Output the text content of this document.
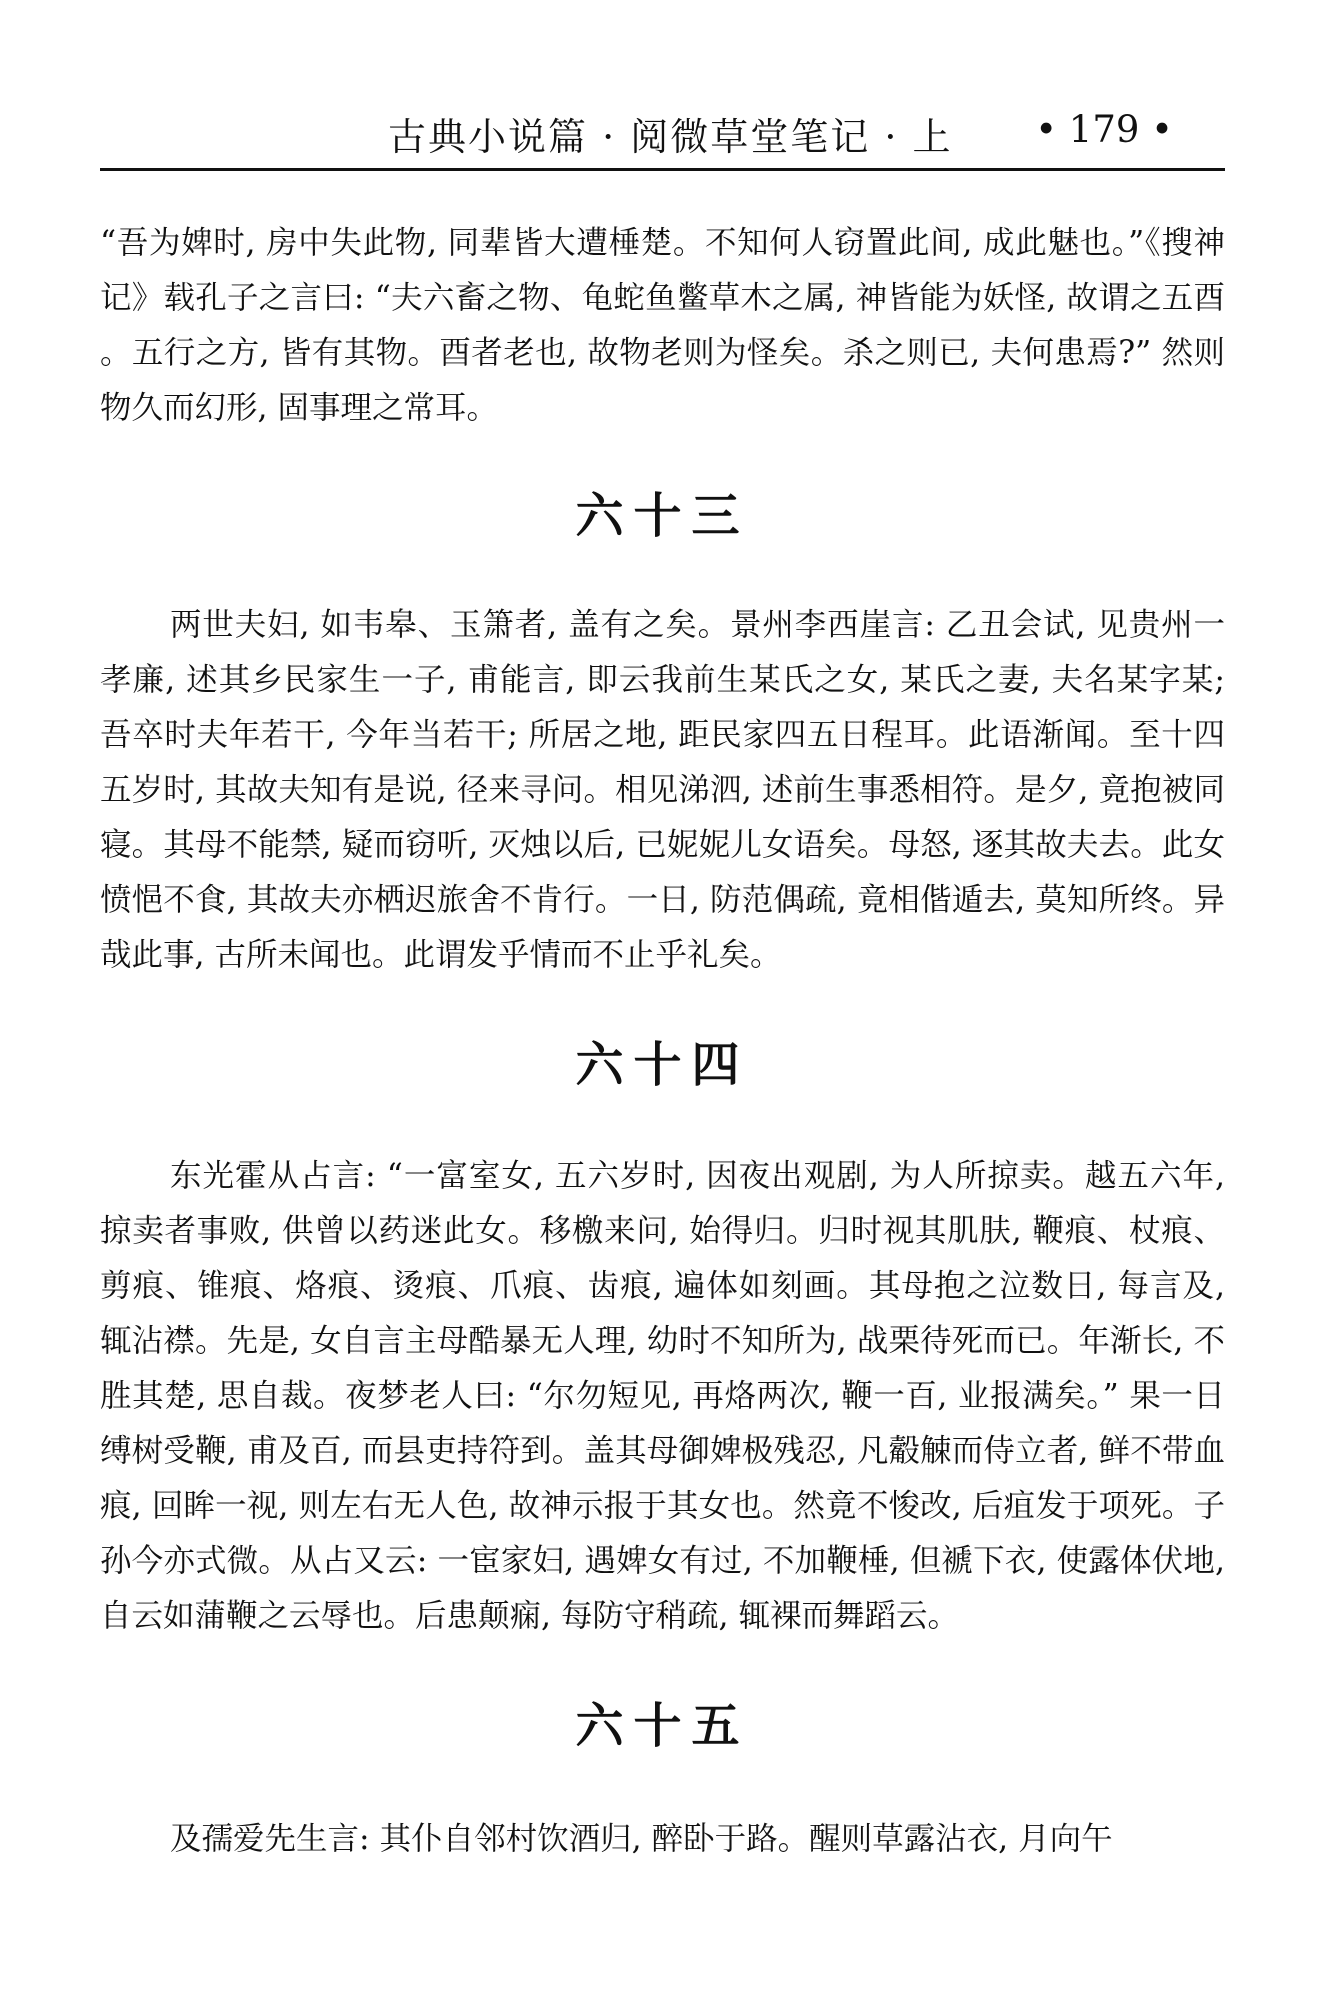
古典小说篇 · 阅微草堂笔记 · 上 • 179 •

“吾为婢时, 房中失此物, 同辈皆大遭棰楚。不知何人窃置此间, 成此魅也。”《搜神记》载孔子之言曰: “夫六畜之物、龟蛇鱼鳖草木之属, 神皆能为妖怪, 故谓之五酉。五行之方, 皆有其物。酉者老也, 故物老则为怪矣。杀之则已, 夫何患焉?” 然则物久而幻形, 固事理之常耳。

六十三

两世夫妇, 如韦皋、玉箫者, 盖有之矣。景州李西崖言: 乙丑会试, 见贵州一孝廉, 述其乡民家生一子, 甫能言, 即云我前生某氏之女, 某氏之妻, 夫名某字某; 吾卒时夫年若干, 今年当若干; 所居之地, 距民家四五日程耳。此语渐闻。至十四五岁时, 其故夫知有是说, 径来寻问。相见涕泗, 述前生事悉相符。是夕, 竟抱被同寝。其母不能禁, 疑而窃听, 灭烛以后, 已妮妮儿女语矣。母怒, 逐其故夫去。此女愤悒不食, 其故夫亦栖迟旅舍不肯行。一日, 防范偶疏, 竟相偕遁去, 莫知所终。异哉此事, 古所未闻也。此谓发乎情而不止乎礼矣。

六十四

东光霍从占言: “一富室女, 五六岁时, 因夜出观剧, 为人所掠卖。越五六年, 掠卖者事败, 供曾以药迷此女。移檄来问, 始得归。归时视其肌肤, 鞭痕、杖痕、剪痕、锥痕、烙痕、烫痕、爪痕、齿痕, 遍体如刻画。其母抱之泣数日, 每言及, 辄沾襟。先是, 女自言主母酷暴无人理, 幼时不知所为, 战栗待死而已。年渐长, 不胜其楚, 思自裁。夜梦老人曰: “尔勿短见, 再烙两次, 鞭一百, 业报满矣。” 果一日缚树受鞭, 甫及百, 而县吏持符到。盖其母御婢极残忍, 凡觳觫而侍立者, 鲜不带血痕, 回眸一视, 则左右无人色, 故神示报于其女也。然竟不悛改, 后疽发于项死。子孙今亦式微。从占又云: 一宦家妇, 遇婢女有过, 不加鞭棰, 但褫下衣, 使露体伏地, 自云如蒲鞭之云辱也。后患颠痫, 每防守稍疏, 辄裸而舞蹈云。

六十五

及孺爱先生言: 其仆自邻村饮酒归, 醉卧于路。醒则草露沾衣, 月向午
